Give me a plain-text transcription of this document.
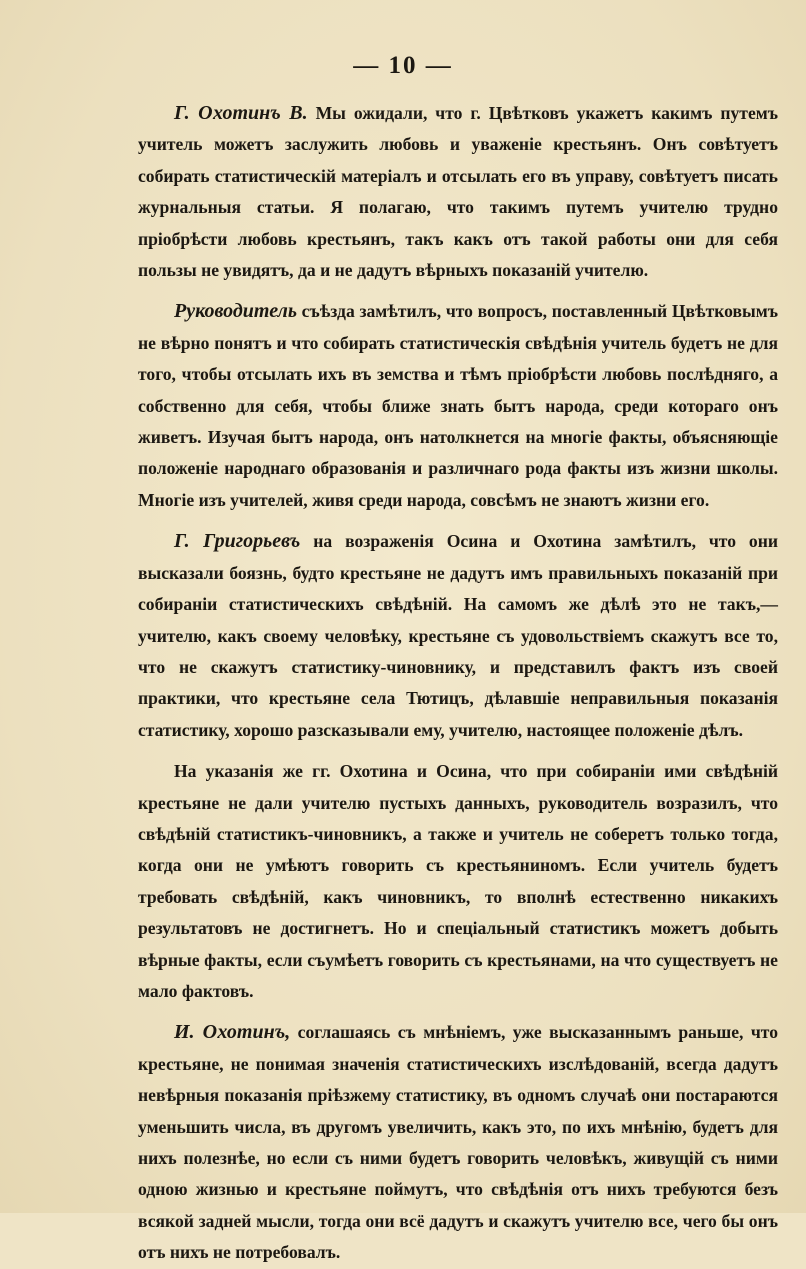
— 10 —

Г. Охотинъ В. Мы ожидали, что г. Цвѣтковъ укажетъ какимъ путемъ учитель можетъ заслужить любовь и уваженіе крестьянъ. Онъ совѣтуетъ собирать статистическій матеріалъ и отсылать его въ управу, совѣтуетъ писать журнальныя статьи. Я полагаю, что такимъ путемъ учителю трудно пріобрѣсти любовь крестьянъ, такъ какъ отъ такой работы они для себя пользы не увидятъ, да и не дадутъ вѣрныхъ показаній учителю.

Руководитель съѣзда замѣтилъ, что вопросъ, поставленный Цвѣтковымъ не вѣрно понятъ и что собирать статистическія свѣдѣнія учитель будетъ не для того, чтобы отсылать ихъ въ земства и тѣмъ пріобрѣсти любовь послѣдняго, а собственно для себя, чтобы ближе знать бытъ народа, среди котораго онъ живетъ. Изучая бытъ народа, онъ натолкнется на многіе факты, объясняющіе положеніе народнаго образованія и различнаго рода факты изъ жизни школы. Многіе изъ учителей, живя среди народа, совсѣмъ не знаютъ жизни его.

Г. Григорьевъ на возраженія Осина и Охотина замѣтилъ, что они высказали боязнь, будто крестьяне не дадутъ имъ правильныхъ показаній при собираніи статистическихъ свѣдѣній. На самомъ же дѣлѣ это не такъ,—учителю, какъ своему человѣку, крестьяне съ удовольствіемъ скажутъ все то, что не скажутъ статистику-чиновнику, и представилъ фактъ изъ своей практики, что крестьяне села Тютицъ, дѣлавшіе неправильныя показанія статистику, хорошо разсказывали ему, учителю, настоящее положеніе дѣлъ.

На указанія же гг. Охотина и Осина, что при собираніи ими свѣдѣній крестьяне не дали учителю пустыхъ данныхъ, руководитель возразилъ, что свѣдѣній статистикъ-чиновникъ, а также и учитель не соберетъ только тогда, когда они не умѣютъ говорить съ крестьяниномъ. Если учитель будетъ требовать свѣдѣній, какъ чиновникъ, то вполнѣ естественно никакихъ результатовъ не достигнетъ. Но и спеціальный статистикъ можетъ добыть вѣрные факты, если съумѣетъ говорить съ крестьянами, на что существуетъ не мало фактовъ.

И. Охотинъ, соглашаясь съ мнѣніемъ, уже высказаннымъ раньше, что крестьяне, не понимая значенія статистическихъ изслѣдованій, всегда дадутъ невѣрныя показанія пріѣзжему статистику, въ одномъ случаѣ они постараются уменьшить числа, въ другомъ увеличить, какъ это, по ихъ мнѣнію, будетъ для нихъ полезнѣе, но если съ ними будетъ говорить человѣкъ, живущій съ ними одною жизнью и крестьяне поймутъ, что свѣдѣнія отъ нихъ требуются безъ всякой задней мысли, тогда они всё дадутъ и скажутъ учителю все, чего бы онъ отъ нихъ не потребовалъ.
